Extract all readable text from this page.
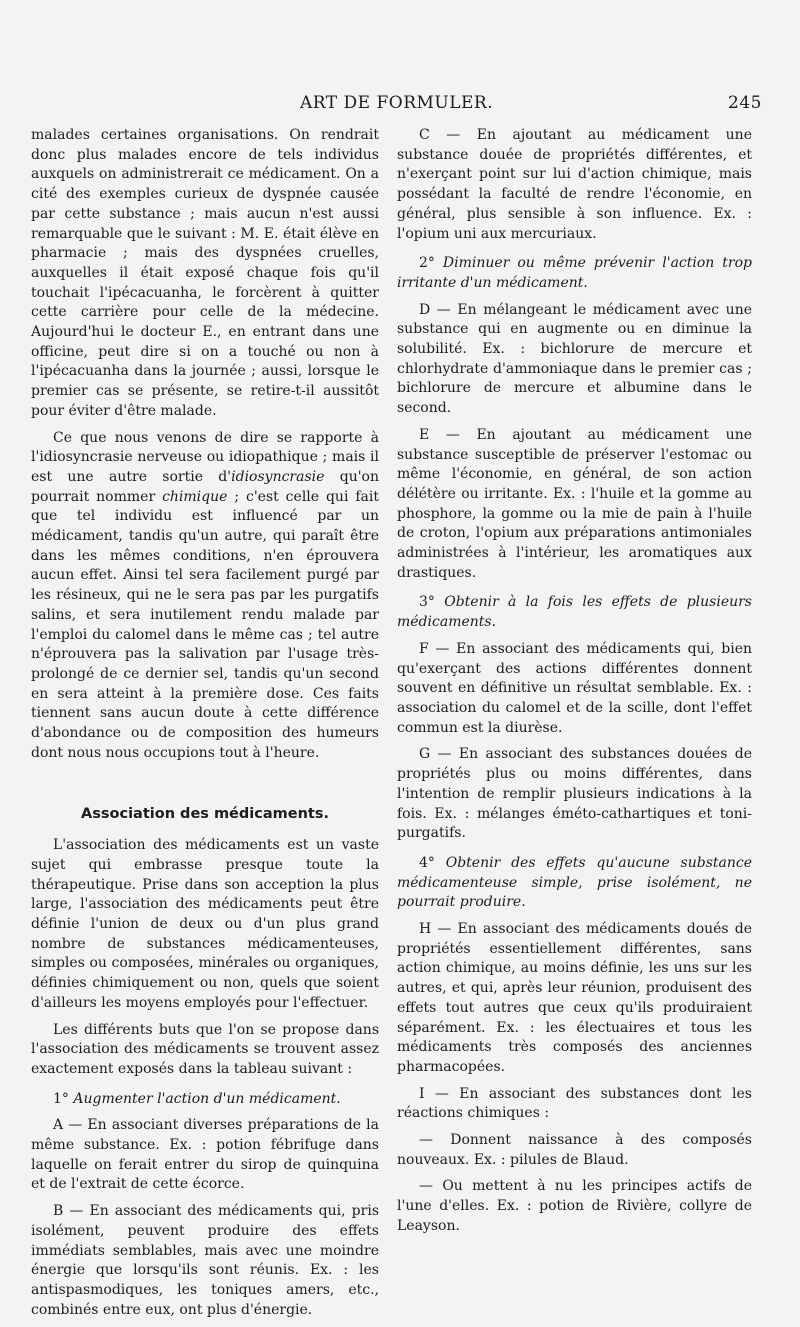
ART DE FORMULER.	245

malades certaines organisations. On rendrait donc plus malades encore de tels individus auxquels on administrerait ce médicament. On a cité des exemples curieux de dyspnée causée par cette substance ; mais aucun n'est aussi remarquable que le suivant : M. E. était élève en pharmacie ; mais des dyspnées cruelles, auxquelles il était exposé chaque fois qu'il touchait l'ipécacuanha, le forcèrent à quitter cette carrière pour celle de la médecine. Aujourd'hui le docteur E., en entrant dans une officine, peut dire si on a touché ou non à l'ipécacuanha dans la journée ; aussi, lorsque le premier cas se présente, se retire-t-il aussitôt pour éviter d'être malade.

Ce que nous venons de dire se rapporte à l'idiosyncrasie nerveuse ou idiopathique ; mais il est une autre sortie d'idiosyncrasie qu'on pourrait nommer chimique ; c'est celle qui fait que tel individu est influencé par un médicament, tandis qu'un autre, qui paraît être dans les mêmes conditions, n'en éprouvera aucun effet. Ainsi tel sera facilement purgé par les résineux, qui ne le sera pas par les purgatifs salins, et sera inutilement rendu malade par l'emploi du calomel dans le même cas ; tel autre n'éprouvera pas la salivation par l'usage très-prolongé de ce dernier sel, tandis qu'un second en sera atteint à la première dose. Ces faits tiennent sans aucun doute à cette différence d'abondance ou de composition des humeurs dont nous nous occupions tout à l'heure.

Association des médicaments.

L'association des médicaments est un vaste sujet qui embrasse presque toute la thérapeutique. Prise dans son acception la plus large, l'association des médicaments peut être définie l'union de deux ou d'un plus grand nombre de substances médicamenteuses, simples ou composées, minérales ou organiques, définies chimiquement ou non, quels que soient d'ailleurs les moyens employés pour l'effectuer.

Les différents buts que l'on se propose dans l'association des médicaments se trouvent assez exactement exposés dans la tableau suivant :

1° Augmenter l'action d'un médicament.

A — En associant diverses préparations de la même substance. Ex. : potion fébrifuge dans laquelle on ferait entrer du sirop de quinquina et de l'extrait de cette écorce.

B — En associant des médicaments qui, pris isolément, peuvent produire des effets immédiats semblables, mais avec une moindre énergie que lorsqu'ils sont réunis. Ex. : les antispasmodiques, les toniques amers, etc., combinés entre eux, ont plus d'énergie.

C — En ajoutant au médicament une substance douée de propriétés différentes, et n'exerçant point sur lui d'action chimique, mais possédant la faculté de rendre l'économie, en général, plus sensible à son influence. Ex. : l'opium uni aux mercuriaux.

2° Diminuer ou même prévenir l'action trop irritante d'un médicament.

D — En mélangeant le médicament avec une substance qui en augmente ou en diminue la solubilité. Ex. : bichlorure de mercure et chlorhydrate d'ammoniaque dans le premier cas ; bichlorure de mercure et albumine dans le second.

E — En ajoutant au médicament une substance susceptible de préserver l'estomac ou même l'économie, en général, de son action délétère ou irritante. Ex. : l'huile et la gomme au phosphore, la gomme ou la mie de pain à l'huile de croton, l'opium aux préparations antimoniales administrées à l'intérieur, les aromatiques aux drastiques.

3° Obtenir à la fois les effets de plusieurs médicaments.

F — En associant des médicaments qui, bien qu'exerçant des actions différentes donnent souvent en définitive un résultat semblable. Ex. : association du calomel et de la scille, dont l'effet commun est la diurèse.

G — En associant des substances douées de propriétés plus ou moins différentes, dans l'intention de remplir plusieurs indications à la fois. Ex. : mélanges éméto-cathartiques et toni-purgatifs.

4° Obtenir des effets qu'aucune substance médicamenteuse simple, prise isolément, ne pourrait produire.

H — En associant des médicaments doués de propriétés essentiellement différentes, sans action chimique, au moins définie, les uns sur les autres, et qui, après leur réunion, produisent des effets tout autres que ceux qu'ils produiraient séparément. Ex. : les électuaires et tous les médicaments très composés des anciennes pharmacopées.

I — En associant des substances dont les réactions chimiques :

— Donnent naissance à des composés nouveaux. Ex. : pilules de Blaud.

— Ou mettent à nu les principes actifs de l'une d'elles. Ex. : potion de Rivière, collyre de Leayson.
